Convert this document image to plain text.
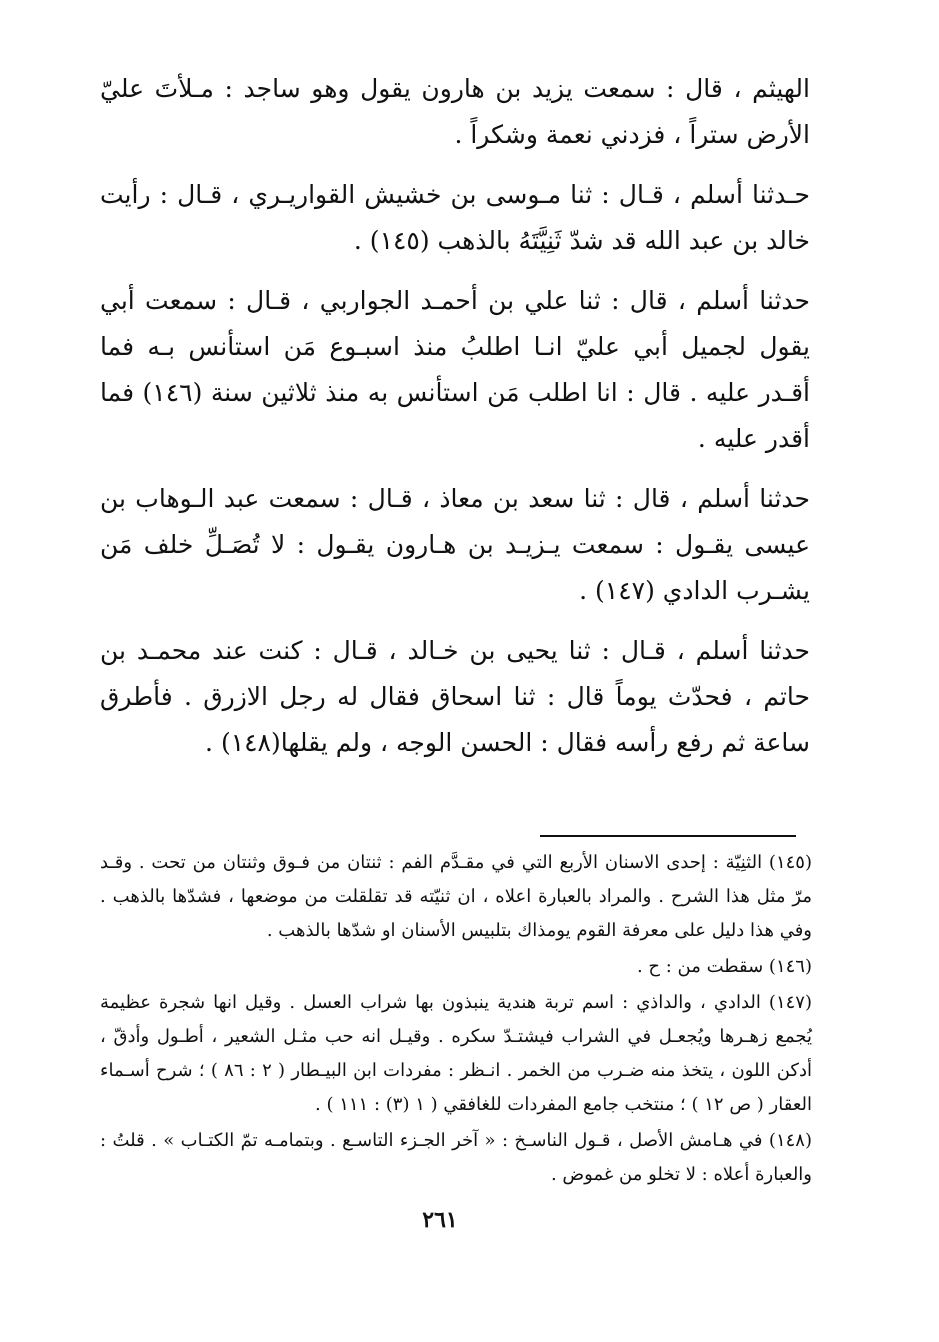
الهيثم ، قال : سمعت يزيد بن هارون يقول وهو ساجد : مـلأتَ عليّ الأرض ستراً ، فزدني نعمة وشكراً .

حـدثنا أسلم ، قـال : ثنا مـوسى بن خشيش القواريـري ، قـال : رأيت خالد بن عبد الله قد شدّ ثَنِيَّتَهُ بالذهب (١٤٥) .

حدثنا أسلم ، قال : ثنا علي بن أحمـد الجواربي ، قـال : سمعت أبي يقول لجميل أبي عليّ انـا اطلبُ منذ اسبـوع مَن استأنس بـه فما أقـدر عليه . قال : انا اطلب مَن استأنس به منذ ثلاثين سنة (١٤٦) فما أقدر عليه .

حدثنا أسلم ، قال : ثنا سعد بن معاذ ، قـال : سمعت عبد الـوهاب بن عيسى يقـول : سمعت يـزيـد بن هـارون يقـول : لا تُصَـلِّ خلف مَن يشـرب الدادي (١٤٧) .

حدثنا أسلم ، قـال : ثنا يحيى بن خـالد ، قـال : كنت عند محمـد بن حاتم ، فحدّث يوماً قال : ثنا اسحاق فقال له رجل الازرق . فأطرق ساعة ثم رفع رأسه فقال : الحسن الوجه ، ولم يقلها(١٤٨) .

(١٤٥) الثنِيّة : إحدى الاسنان الأربع التي في مقـدَّم الفم : ثنتان من فـوق وثنتان من تحت . وقـد مرّ مثل هذا الشرح . والمراد بالعبارة اعلاه ، ان ثنيّته قد تقلقلت من موضعها ، فشدّها بالذهب . وفي هذا دليل على معرفة القوم يومذاك بتلبيس الأسنان او شدّها بالذهب .

(١٤٦) سقطت من : ح .

(١٤٧) الدادي ، والداذي : اسم تربة هندية ينبذون بها شراب العسل . وقيل انها شجرة عظيمة يُجمع زهـرها ويُجعـل في الشراب فيشتـدّ سكره . وقيـل انه حب مثـل الشعير ، أطـول وأدقّ ، أدكن اللون ، يتخذ منه ضـرب من الخمر . انـظر : مفردات ابن البيـطار ( ٢ : ٨٦ ) ؛ شرح أسـماء العقار ( ص ١٢ ) ؛ منتخب جامع المفردات للغافقي ( ١ (٣) : ١١١ ) .

(١٤٨) في هـامش الأصل ، قـول الناسـخ : « آخر الجـزء التاسـع . وبتمامـه تمّ الكتـاب » . قلتُ : والعبارة أعلاه : لا تخلو من غموض .

٢٦١
